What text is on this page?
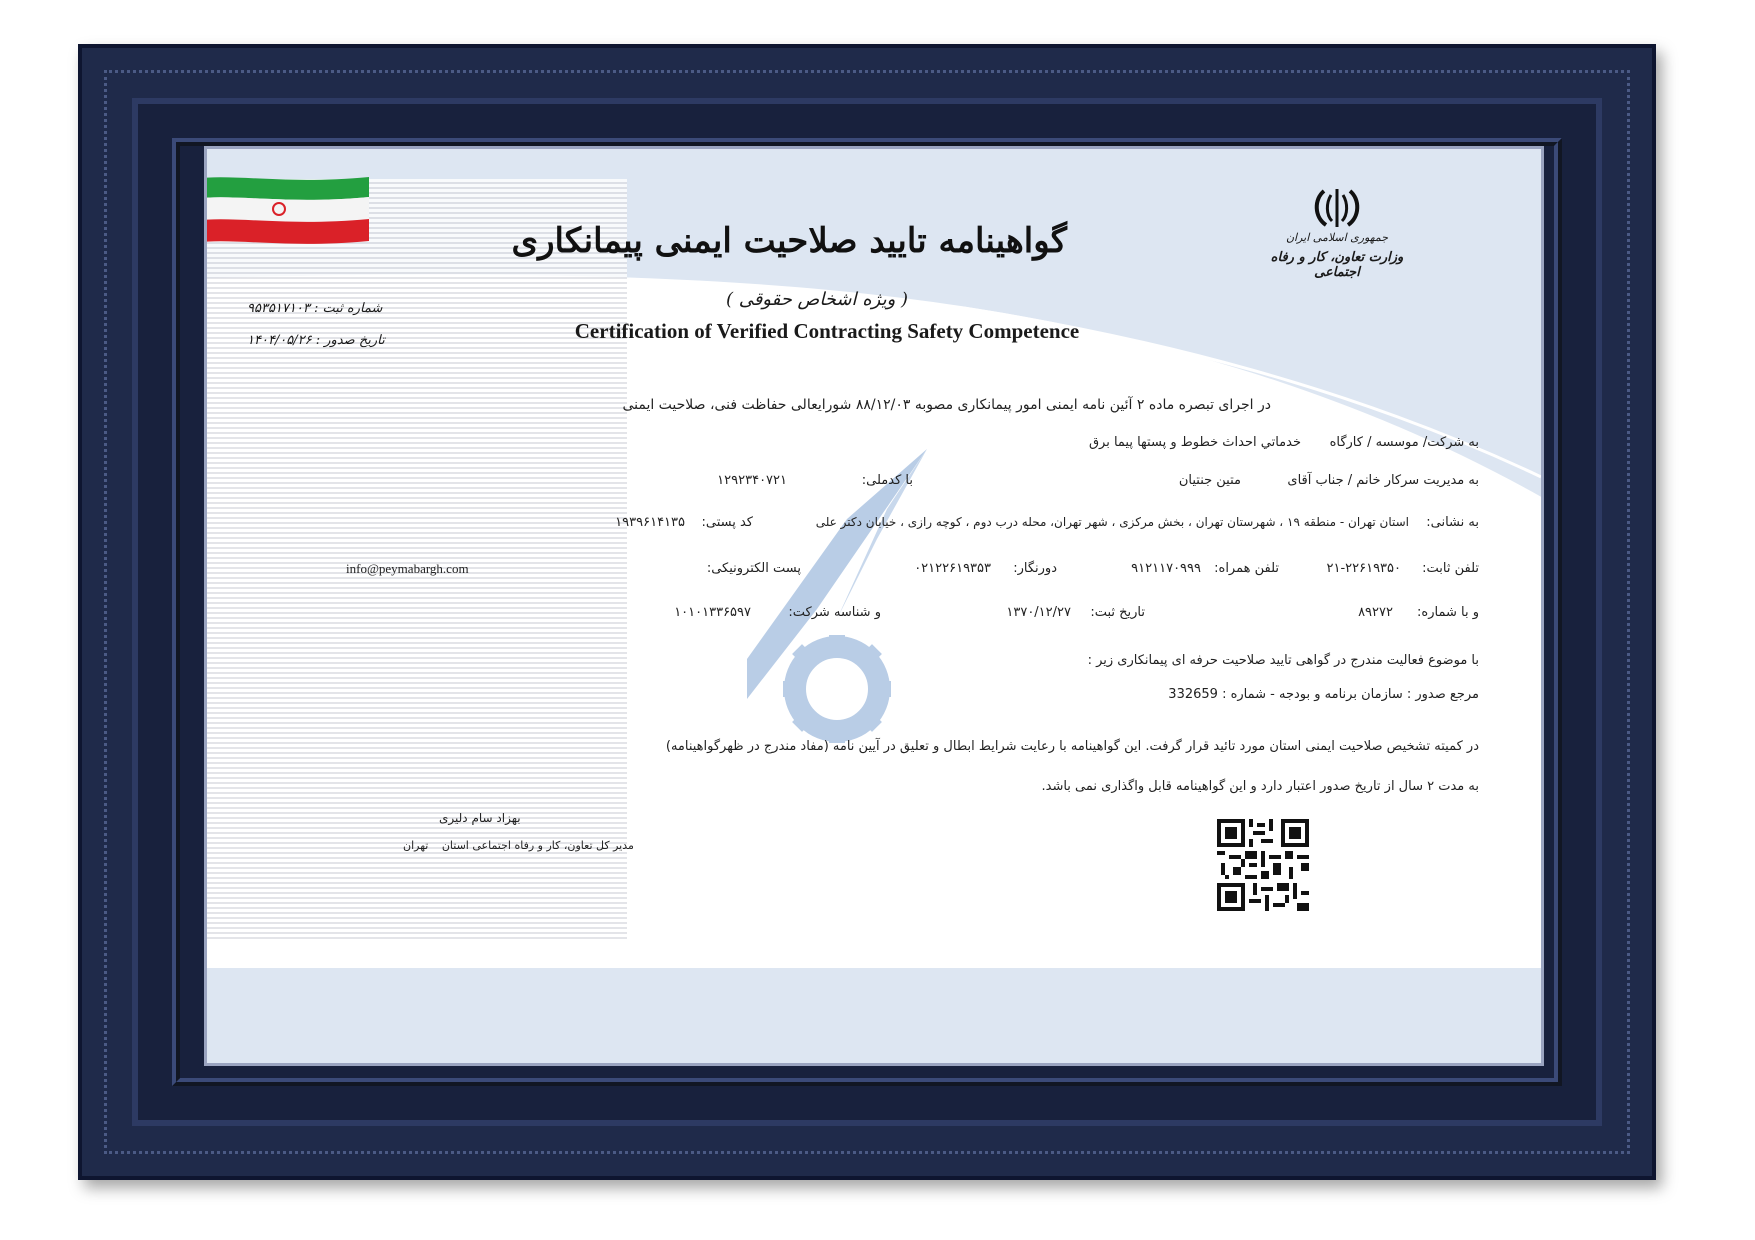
جمهوری اسلامی ایران
وزارت تعاون، کار و رفاه اجتماعی
گواهینامه تایید صلاحیت ایمنی پیمانکاری
( ویژه اشخاص حقوقی )
Certification of Verified Contracting Safety Competence
شماره ثبت : ۹۵۳۵۱۷۱۰۳
تاریخ صدور : ۱۴۰۴/۰۵/۲۶
در اجرای تبصره ماده ۲ آئین نامه ایمنی امور پیمانکاری مصوبه ۸۸/۱۲/۰۳ شورایعالی حفاظت فنی، صلاحیت ایمنی
به شرکت/ موسسه / کارگاه
خدماتي احداث خطوط و پستها پيما برق
به مدیریت سرکار خانم / جناب آقای
متين جنتيان
با کدملی:
۱۲۹۲۳۴۰۷۲۱
به نشانی:
استان تهران - منطقه ۱۹ ، شهرستان تهران ، بخش مرکزی ، شهر تهران، محله درب دوم ، کوچه رازی ، خیابان دکتر علی
کد پستی:
۱۹۳۹۶۱۴۱۳۵
تلفن ثابت:
۲۱-۲۲۶۱۹۳۵۰
تلفن همراه:
۹۱۲۱۱۷۰۹۹۹
دورنگار:
۰۲۱۲۲۶۱۹۳۵۳
پست الکترونیکی:
info@peymabargh.com
و با شماره:
۸۹۲۷۲
تاریخ ثبت:
۱۳۷۰/۱۲/۲۷
و شناسه شرکت:
۱۰۱۰۱۳۳۶۵۹۷
با موضوع فعالیت مندرج در گواهی تایید صلاحیت حرفه ای پیمانکاری زیر :
مرجع صدور : سازمان برنامه و بودجه - شماره : 332659
در کمیته تشخیص صلاحیت ایمنی استان مورد تائید قرار گرفت. این گواهینامه با رعایت شرایط ابطال و تعلیق در آیین نامه (مفاد مندرج در ظهرگواهینامه)
به مدت ۲ سال از تاریخ صدور اعتبار دارد و این گواهینامه قابل واگذاری نمی باشد.
بهزاد سام دلیری
مدیر کل تعاون، کار و رفاه اجتماعی استان تهران
